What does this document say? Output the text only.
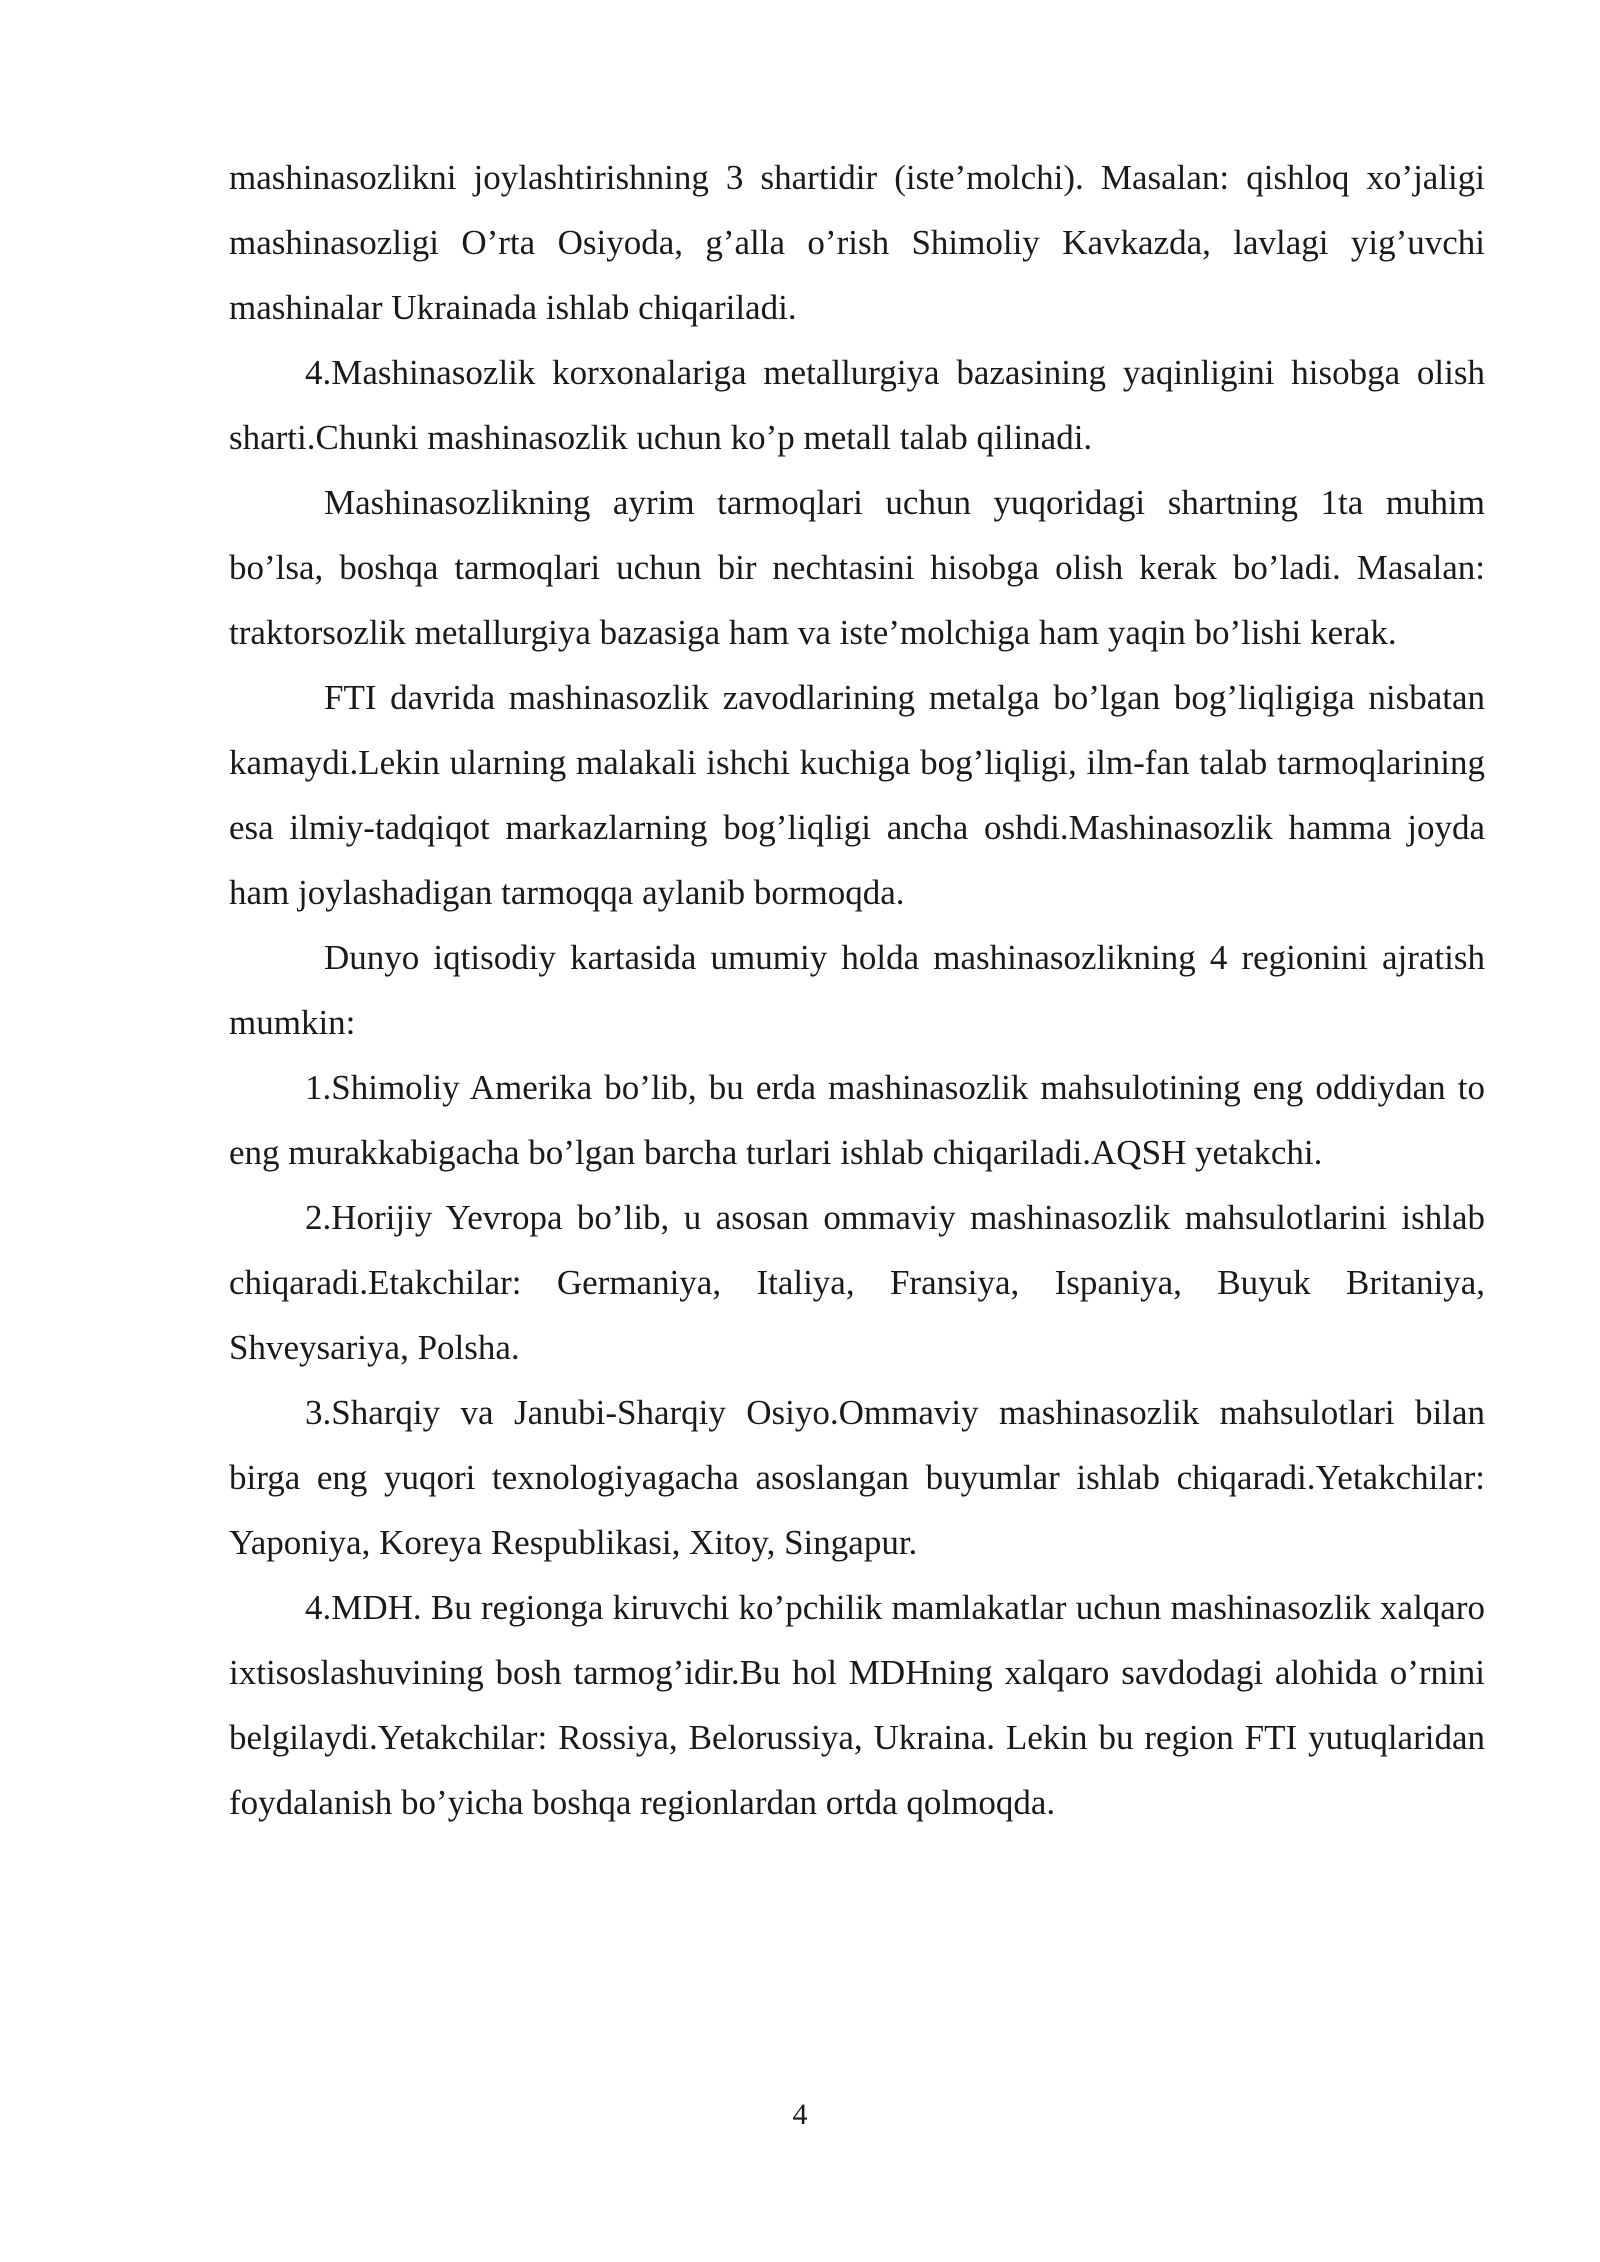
mashinasozlikni joylashtirishning 3 shartidir (iste’molchi). Masalan: qishloq xo’jaligi mashinasozligi O’rta Osiyoda, g’alla o’rish Shimoliy Kavkazda, lavlagi yig’uvchi mashinalar Ukrainada ishlab chiqariladi.

4.Mashinasozlik korxonalariga metallurgiya bazasining yaqinligini hisobga olish sharti.Chunki mashinasozlik uchun ko’p metall talab qilinadi.

Mashinasozlikning ayrim tarmoqlari uchun yuqoridagi shartning 1ta muhim bo’lsa, boshqa tarmoqlari uchun bir nechtasini hisobga olish kerak bo’ladi. Masalan: traktorsozlik metallurgiya bazasiga ham va iste’molchiga ham yaqin bo’lishi kerak.

FTI davrida mashinasozlik zavodlarining metalga bo’lgan bog’liqligiga nisbatan kamaydi.Lekin ularning malakali ishchi kuchiga bog’liqligi, ilm-fan talab tarmoqlarining esa ilmiy-tadqiqot markazlarning bog’liqligi ancha oshdi.Mashinasozlik hamma joyda ham joylashadigan tarmoqqa aylanib bormoqda.

Dunyo iqtisodiy kartasida umumiy holda mashinasozlikning 4 regionini ajratish mumkin:

1.Shimoliy Amerika bo’lib, bu erda mashinasozlik mahsulotining eng oddiydan to eng murakkabigacha bo’lgan barcha turlari ishlab chiqariladi.AQSH yetakchi.

2.Horijiy Yevropa bo’lib, u asosan ommaviy mashinasozlik mahsulotlarini ishlab chiqaradi.Etakchilar: Germaniya, Italiya, Fransiya, Ispaniya, Buyuk Britaniya, Shveysariya, Polsha.

3.Sharqiy va Janubi-Sharqiy Osiyo.Ommaviy mashinasozlik mahsulotlari bilan birga eng yuqori texnologiyagacha asoslangan buyumlar ishlab chiqaradi.Yetakchilar: Yaponiya, Koreya Respublikasi, Xitoy, Singapur.

4.MDH. Bu regionga kiruvchi ko’pchilik mamlakatlar uchun mashinasozlik xalqaro ixtisoslashuvining bosh tarmog’idir.Bu hol MDHning xalqaro savdodagi alohida o’rnini belgilaydi.Yetakchilar: Rossiya, Belorussiya, Ukraina. Lekin bu region FTI yutuqlaridan foydalanish bo’yicha boshqa regionlardan ortda qolmoqda.

4
